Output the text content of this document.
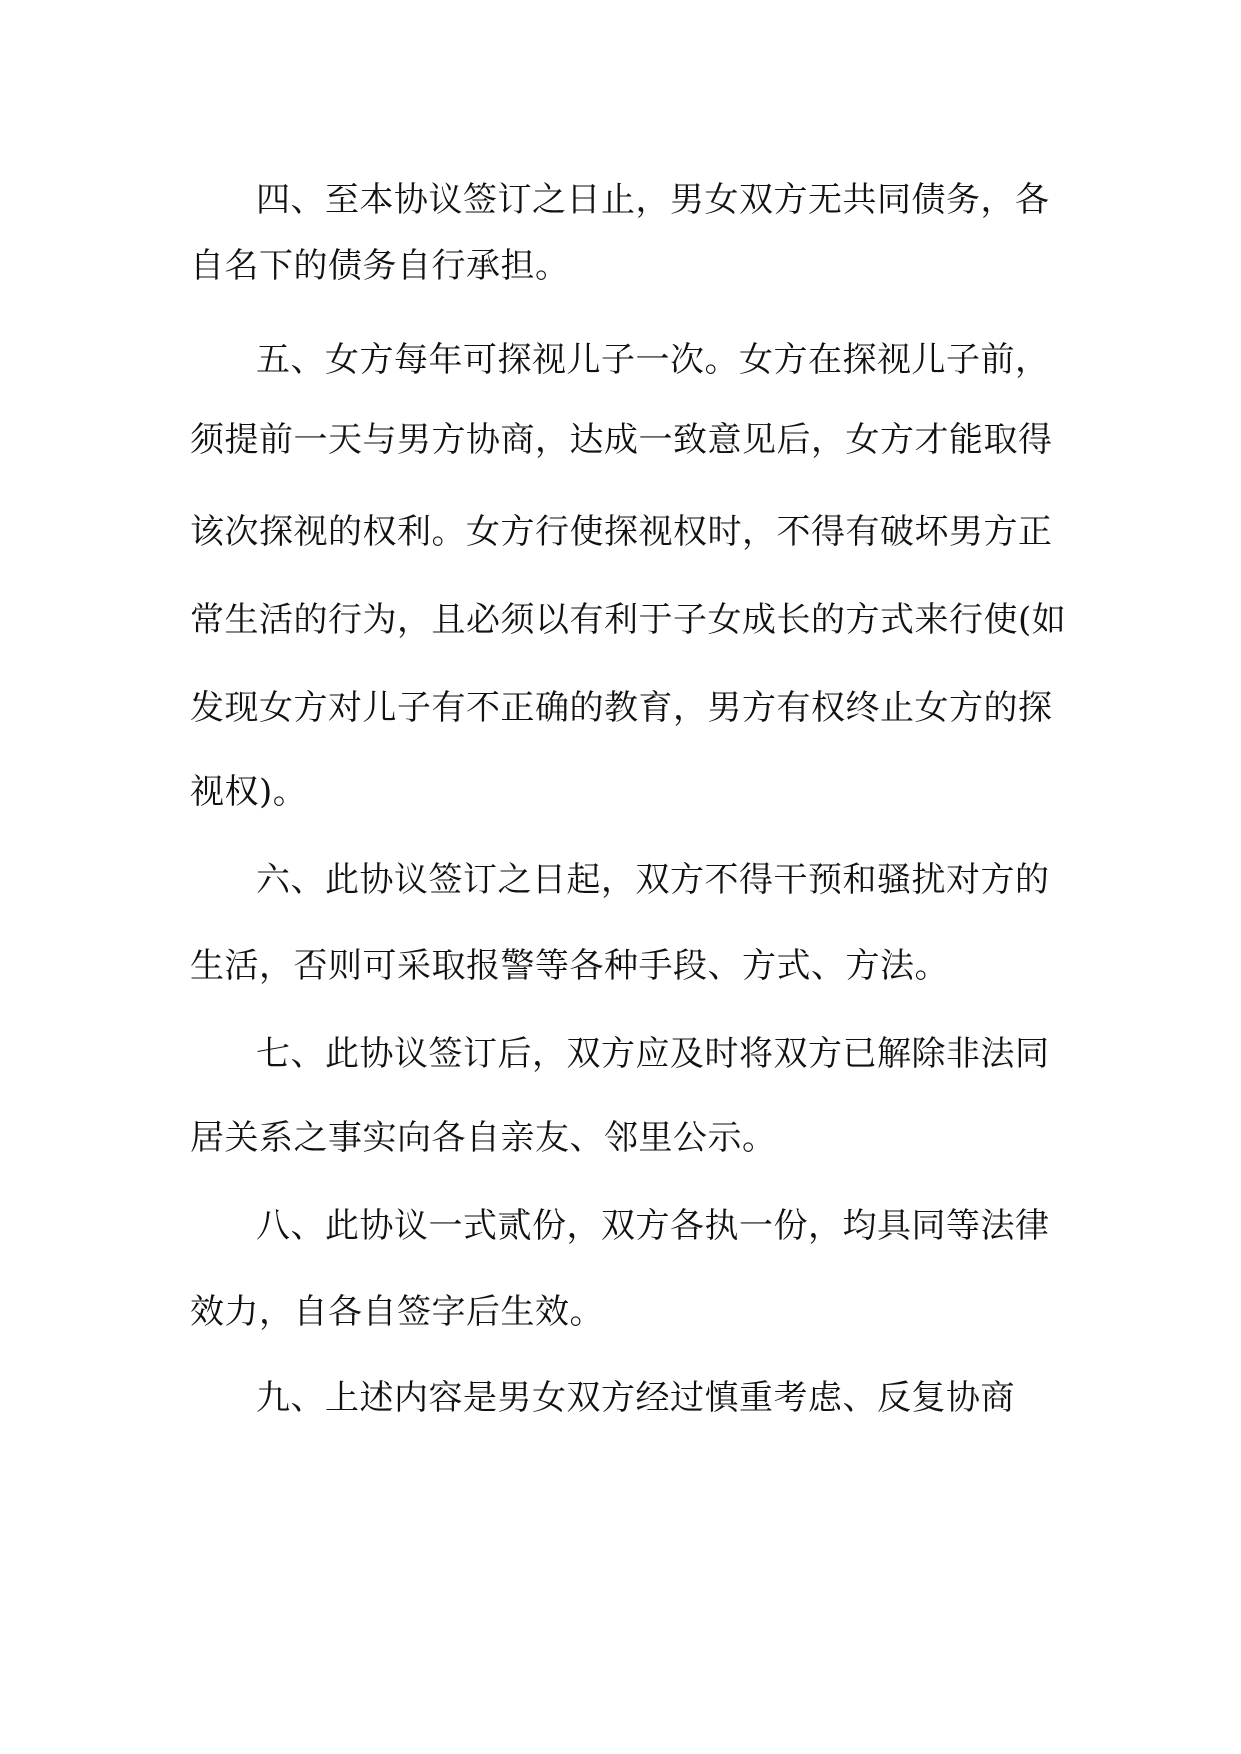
四、至本协议签订之日止，男女双方无共同债务，各
自名下的债务自行承担。
五、女方每年可探视儿子一次。女方在探视儿子前，
须提前一天与男方协商，达成一致意见后，女方才能取得
该次探视的权利。女方行使探视权时，不得有破坏男方正
常生活的行为，且必须以有利于子女成长的方式来行使(如
发现女方对儿子有不正确的教育，男方有权终止女方的探
视权)。
六、此协议签订之日起，双方不得干预和骚扰对方的
生活，否则可采取报警等各种手段、方式、方法。
七、此协议签订后，双方应及时将双方已解除非法同
居关系之事实向各自亲友、邻里公示。
八、此协议一式贰份，双方各执一份，均具同等法律
效力，自各自签字后生效。
九、上述内容是男女双方经过慎重考虑、反复协商
